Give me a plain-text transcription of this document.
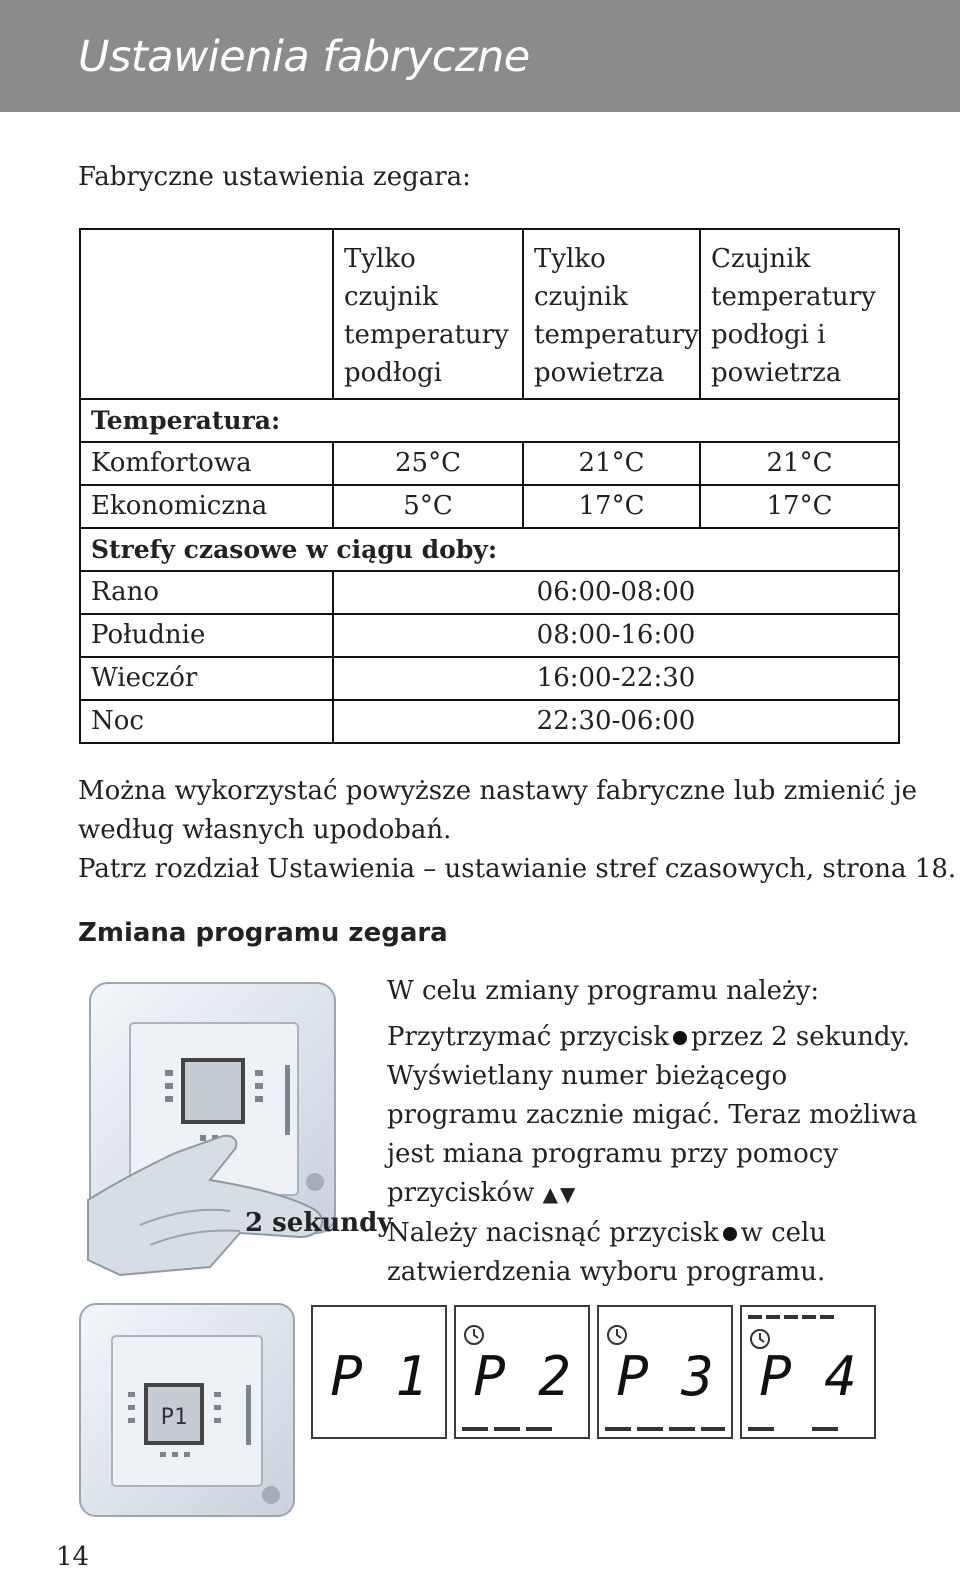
Ustawienia fabryczne
Fabryczne ustawienia zegara:
	Tylko czujnik temperatury podłogi	Tylko czujnik temperatury powietrza	Czujnik temperatury podłogi i powietrza
Temperatura:			
Komfortowa	25°C	21°C	21°C
Ekonomiczna	5°C	17°C	17°C
Strefy czasowe w ciągu doby:			
Rano	06:00-08:00		
Południe	08:00-16:00		
Wieczór	16:00-22:30		
Noc	22:30-06:00		
Można wykorzystać powyższe nastawy fabryczne lub zmienić je
według własnych upodobań.
Patrz rozdział Ustawienia – ustawianie stref czasowych, strona 18.
Zmiana programu zegara
2 sekundy
W celu zmiany programu należy:
Przytrzymać przycisk przez 2 sekundy.
Wyświetlany numer bieżącego
programu zacznie migać. Teraz możliwa
jest miana programu przy pomocy
przycisków ▲▼
Należy nacisnąć przycisk w celu
zatwierdzenia wyboru programu.
P1
P 1 P 2 P 3 P 4
14
